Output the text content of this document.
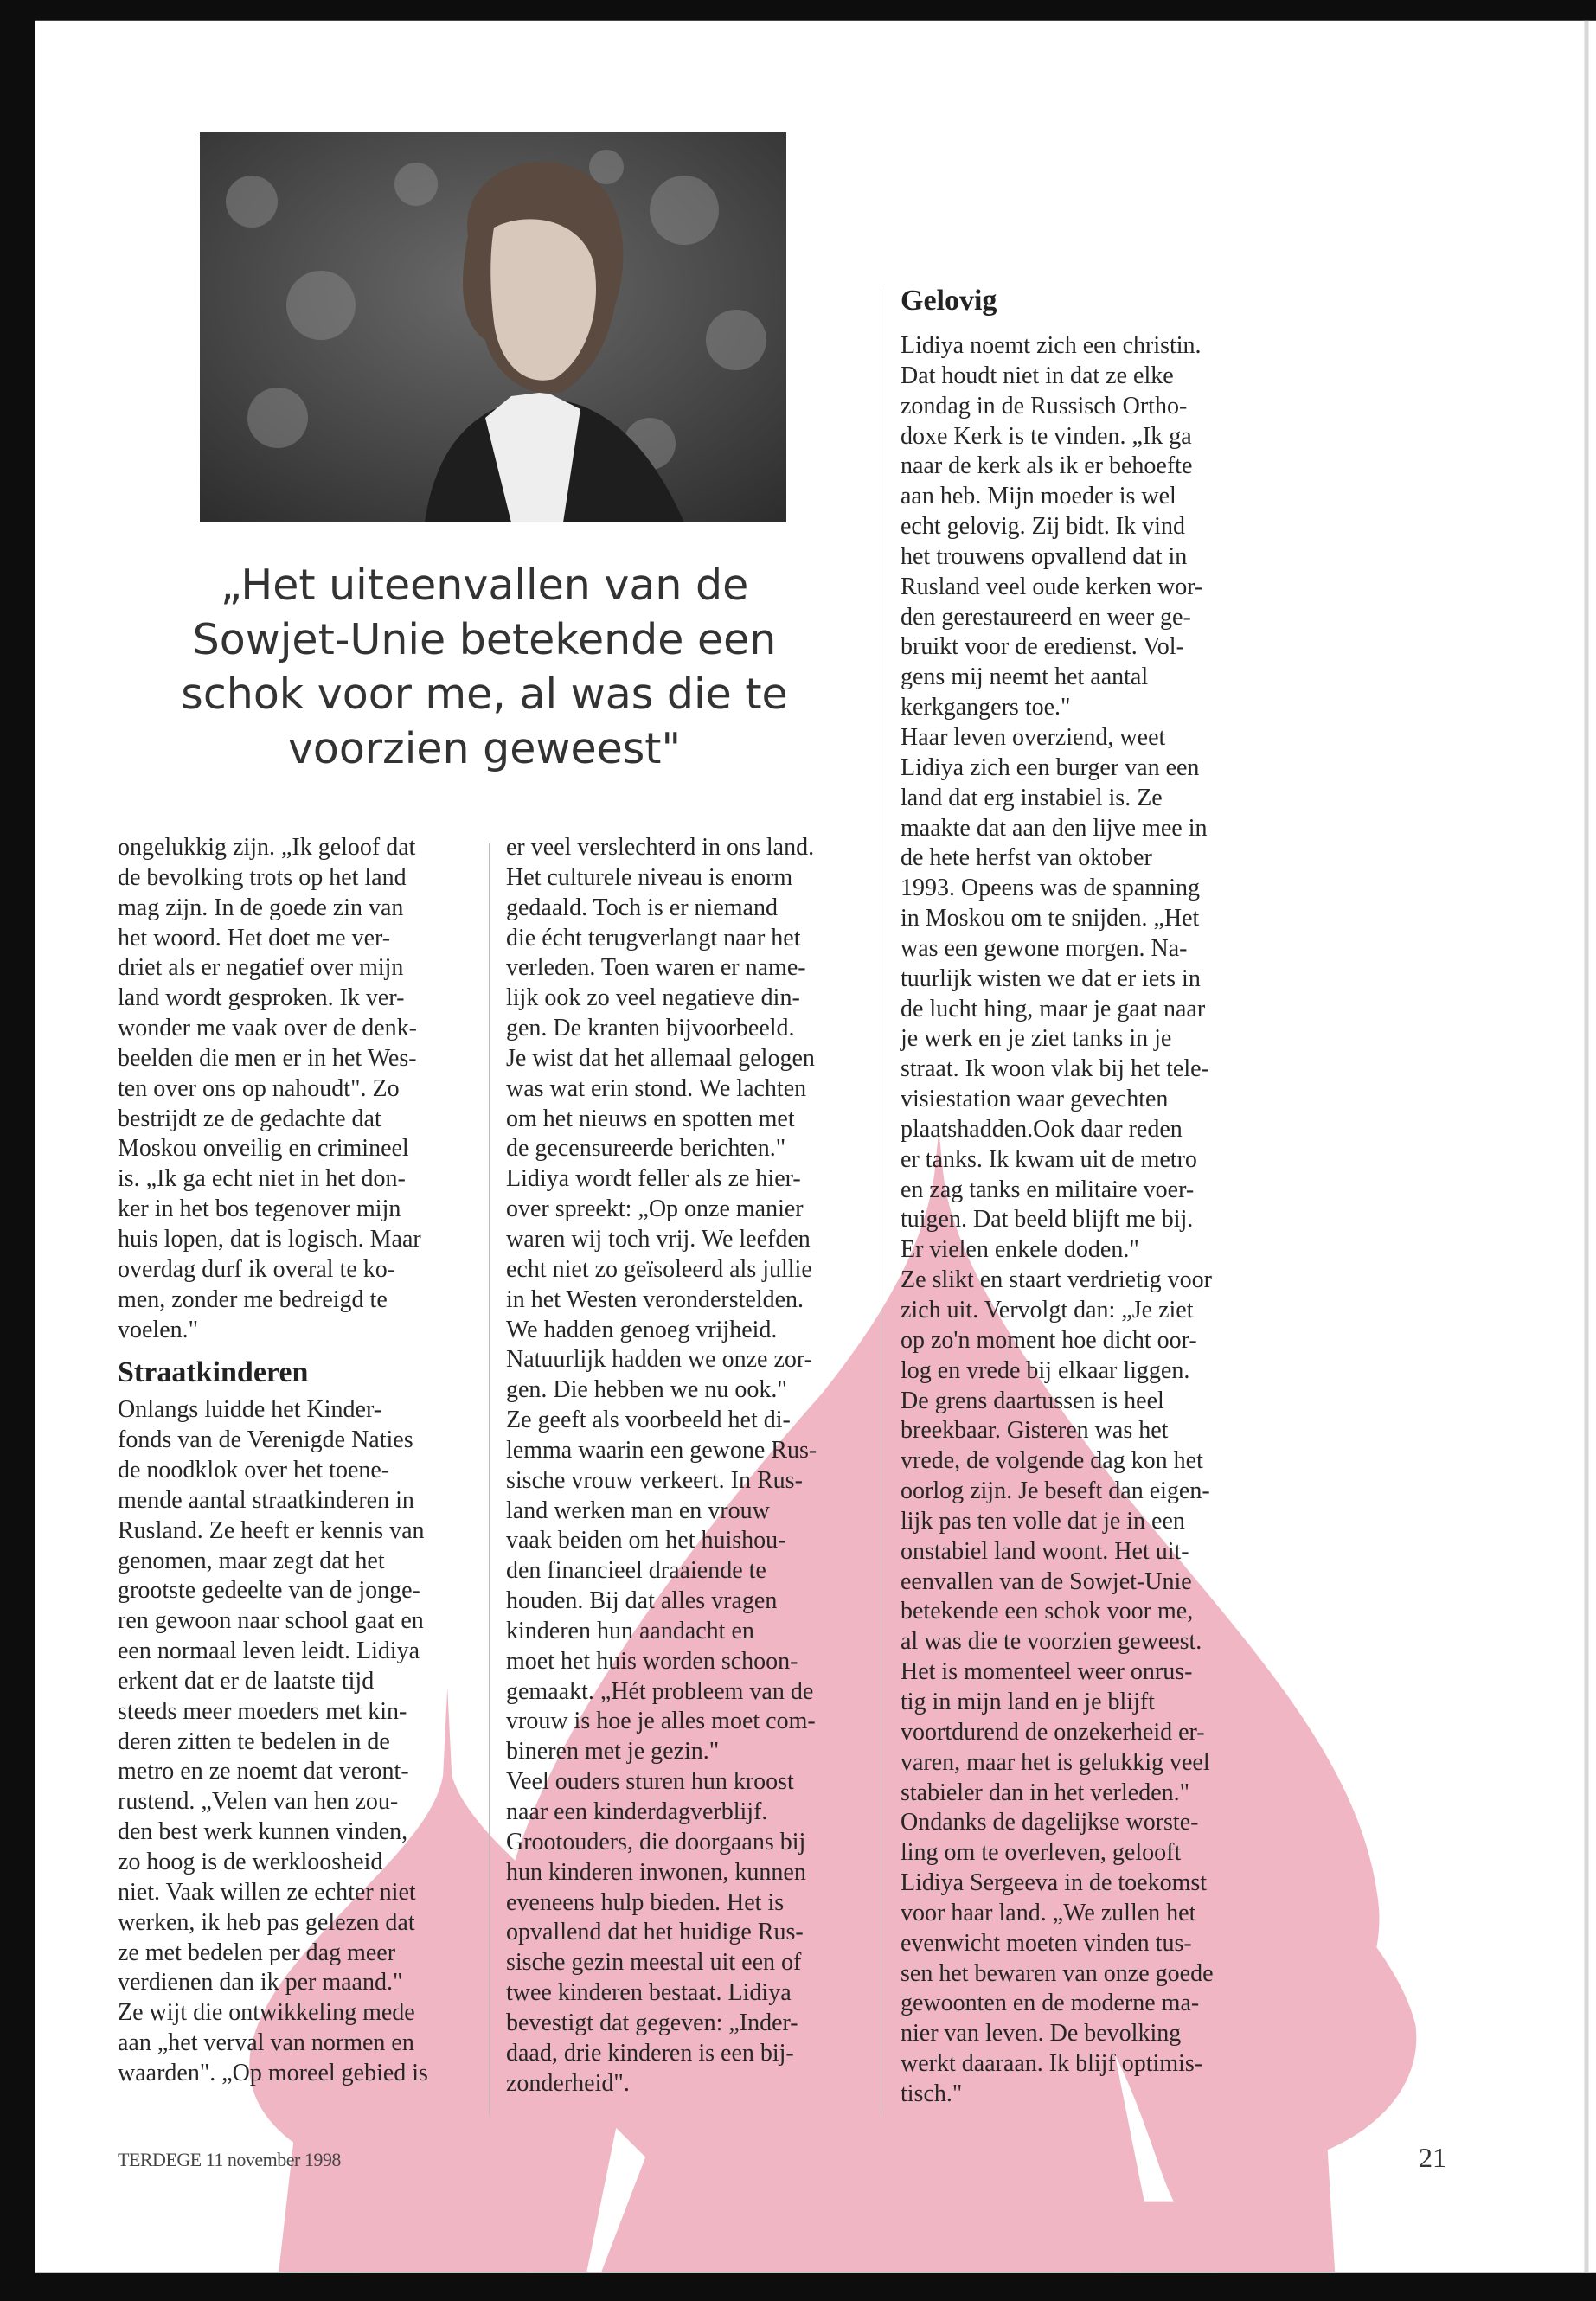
„Het uiteenvallen van de
Sowjet-Unie betekende een
schok voor me, al was die te
voorzien geweest"
ongelukkig zijn. „Ik geloof dat
de bevolking trots op het land
mag zijn. In de goede zin van
het woord. Het doet me ver-
driet als er negatief over mijn
land wordt gesproken. Ik ver-
wonder me vaak over de denk-
beelden die men er in het Wes-
ten over ons op nahoudt". Zo
bestrijdt ze de gedachte dat
Moskou onveilig en crimineel
is. „Ik ga echt niet in het don-
ker in het bos tegenover mijn
huis lopen, dat is logisch. Maar
overdag durf ik overal te ko-
men, zonder me bedreigd te
voelen."
Straatkinderen
Onlangs luidde het Kinder-
fonds van de Verenigde Naties
de noodklok over het toene-
mende aantal straatkinderen in
Rusland. Ze heeft er kennis van
genomen, maar zegt dat het
grootste gedeelte van de jonge-
ren gewoon naar school gaat en
een normaal leven leidt. Lidiya
erkent dat er de laatste tijd
steeds meer moeders met kin-
deren zitten te bedelen in de
metro en ze noemt dat veront-
rustend. „Velen van hen zou-
den best werk kunnen vinden,
zo hoog is de werkloosheid
niet. Vaak willen ze echter niet
werken, ik heb pas gelezen dat
ze met bedelen per dag meer
verdienen dan ik per maand."
Ze wijt die ontwikkeling mede
aan „het verval van normen en
waarden". „Op moreel gebied is
er veel verslechterd in ons land.
Het culturele niveau is enorm
gedaald. Toch is er niemand
die écht terugverlangt naar het
verleden. Toen waren er name-
lijk ook zo veel negatieve din-
gen. De kranten bijvoorbeeld.
Je wist dat het allemaal gelogen
was wat erin stond. We lachten
om het nieuws en spotten met
de gecensureerde berichten."
Lidiya wordt feller als ze hier-
over spreekt: „Op onze manier
waren wij toch vrij. We leefden
echt niet zo geïsoleerd als jullie
in het Westen veronderstelden.
We hadden genoeg vrijheid.
Natuurlijk hadden we onze zor-
gen. Die hebben we nu ook."
Ze geeft als voorbeeld het di-
lemma waarin een gewone Rus-
sische vrouw verkeert. In Rus-
land werken man en vrouw
vaak beiden om het huishou-
den financieel draaiende te
houden. Bij dat alles vragen
kinderen hun aandacht en
moet het huis worden schoon-
gemaakt. „Hét probleem van de
vrouw is hoe je alles moet com-
bineren met je gezin."
Veel ouders sturen hun kroost
naar een kinderdagverblijf.
Grootouders, die doorgaans bij
hun kinderen inwonen, kunnen
eveneens hulp bieden. Het is
opvallend dat het huidige Rus-
sische gezin meestal uit een of
twee kinderen bestaat. Lidiya
bevestigt dat gegeven: „Inder-
daad, drie kinderen is een bij-
zonderheid".
Gelovig
Lidiya noemt zich een christin.
Dat houdt niet in dat ze elke
zondag in de Russisch Ortho-
doxe Kerk is te vinden. „Ik ga
naar de kerk als ik er behoefte
aan heb. Mijn moeder is wel
echt gelovig. Zij bidt. Ik vind
het trouwens opvallend dat in
Rusland veel oude kerken wor-
den gerestaureerd en weer ge-
bruikt voor de eredienst. Vol-
gens mij neemt het aantal
kerkgangers toe."
Haar leven overziend, weet
Lidiya zich een burger van een
land dat erg instabiel is. Ze
maakte dat aan den lijve mee in
de hete herfst van oktober
1993. Opeens was de spanning
in Moskou om te snijden. „Het
was een gewone morgen. Na-
tuurlijk wisten we dat er iets in
de lucht hing, maar je gaat naar
je werk en je ziet tanks in je
straat. Ik woon vlak bij het tele-
visiestation waar gevechten
plaatshadden.Ook daar reden
er tanks. Ik kwam uit de metro
en zag tanks en militaire voer-
tuigen. Dat beeld blijft me bij.
Er vielen enkele doden."
Ze slikt en staart verdrietig voor
zich uit. Vervolgt dan: „Je ziet
op zo'n moment hoe dicht oor-
log en vrede bij elkaar liggen.
De grens daartussen is heel
breekbaar. Gisteren was het
vrede, de volgende dag kon het
oorlog zijn. Je beseft dan eigen-
lijk pas ten volle dat je in een
onstabiel land woont. Het uit-
eenvallen van de Sowjet-Unie
betekende een schok voor me,
al was die te voorzien geweest.
Het is momenteel weer onrus-
tig in mijn land en je blijft
voortdurend de onzekerheid er-
varen, maar het is gelukkig veel
stabieler dan in het verleden."
Ondanks de dagelijkse worste-
ling om te overleven, gelooft
Lidiya Sergeeva in de toekomst
voor haar land. „We zullen het
evenwicht moeten vinden tus-
sen het bewaren van onze goede
gewoonten en de moderne ma-
nier van leven. De bevolking
werkt daaraan. Ik blijf optimis-
tisch."
TERDEGE 11 november 1998	21
